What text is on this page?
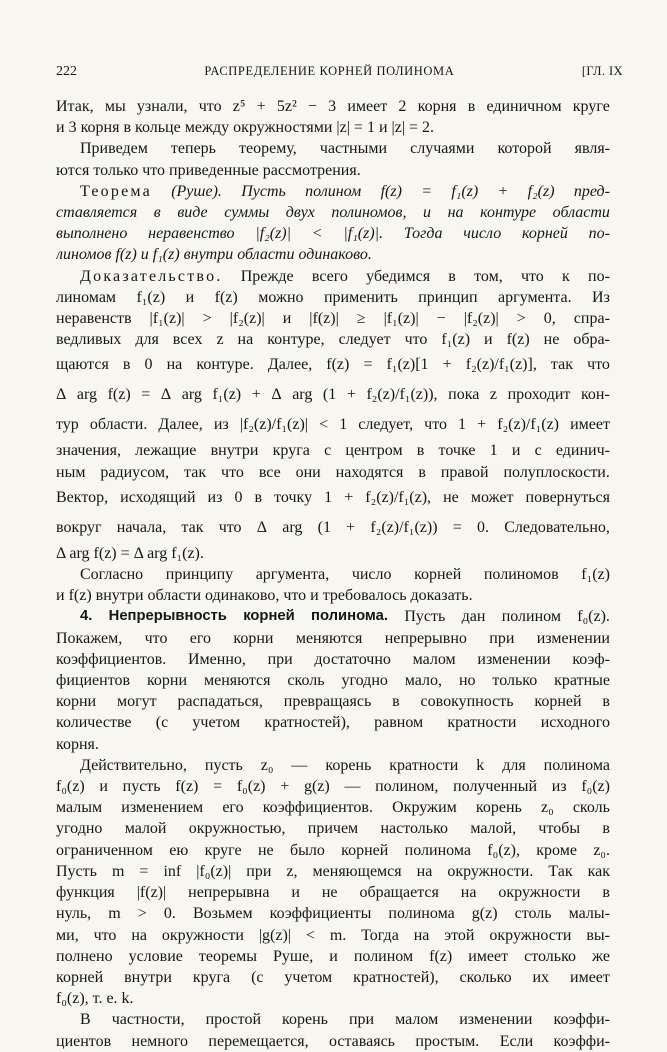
222	РАСПРЕДЕЛЕНИЕ КОРНЕЙ ПОЛИНОМА	[ГЛ. IX
Итак, мы узнали, что z⁵ + 5z² − 3 имеет 2 корня в единичном круге
и 3 корня в кольце между окружностями |z| = 1 и |z| = 2.
Приведем теперь теорему, частными случаями которой явля-
ются только что приведенные рассмотрения.
Теорема (Руше). Пусть полином f(z) = f₁(z) + f₂(z) пред-
ставляется в виде суммы двух полиномов, и на контуре области
выполнено неравенство |f₂(z)| < |f₁(z)|. Тогда число корней по-
линомов f(z) и f₁(z) внутри области одинаково.
Доказательство. Прежде всего убедимся в том, что к по-
линомам f₁(z) и f(z) можно применить принцип аргумента. Из
неравенств |f₁(z)| > |f₂(z)| и |f(z)| ≥ |f₁(z)| − |f₂(z)| > 0, спра-
ведливых для всех z на контуре, следует что f₁(z) и f(z) не обра-
щаются в 0 на контуре. Далее, f(z) = f₁(z)[1 + f₂(z)/f₁(z)], так что
Δ arg f(z) = Δ arg f₁(z) + Δ arg (1 + f₂(z)/f₁(z)), пока z проходит кон-
тур области. Далее, из |f₂(z)/f₁(z)| < 1 следует, что 1 + f₂(z)/f₁(z) имеет
значения, лежащие внутри круга с центром в точке 1 и с единич-
ным радиусом, так что все они находятся в правой полуплоскости.
Вектор, исходящий из 0 в точку 1 + f₂(z)/f₁(z), не может повернуться
вокруг начала, так что Δ arg (1 + f₂(z)/f₁(z)) = 0. Следовательно,
Δ arg f(z) = Δ arg f₁(z).
Согласно принципу аргумента, число корней полиномов f₁(z)
и f(z) внутри области одинаково, что и требовалось доказать.
4. Непрерывность корней полинома. Пусть дан полином f₀(z).
Покажем, что его корни меняются непрерывно при изменении
коэффициентов. Именно, при достаточно малом изменении коэф-
фициентов корни меняются сколь угодно мало, но только кратные
корни могут распадаться, превращаясь в совокупность корней в
количестве (с учетом кратностей), равном кратности исходного
корня.
Действительно, пусть z₀ — корень кратности k для полинома
f₀(z) и пусть f(z) = f₀(z) + g(z) — полином, полученный из f₀(z)
малым изменением его коэффициентов. Окружим корень z₀ сколь
угодно малой окружностью, причем настолько малой, чтобы в
ограниченном ею круге не было корней полинома f₀(z), кроме z₀.
Пусть m = inf |f₀(z)| при z, меняющемся на окружности. Так как
функция |f(z)| непрерывна и не обращается на окружности в
нуль, m > 0. Возьмем коэффициенты полинома g(z) столь малы-
ми, что на окружности |g(z)| < m. Тогда на этой окружности вы-
полнено условие теоремы Руше, и полином f(z) имеет столько же
корней внутри круга (с учетом кратностей), сколько их имеет
f₀(z), т. е. k.
В частности, простой корень при малом изменении коэффи-
циентов немного перемещается, оставаясь простым. Если коэффи-
